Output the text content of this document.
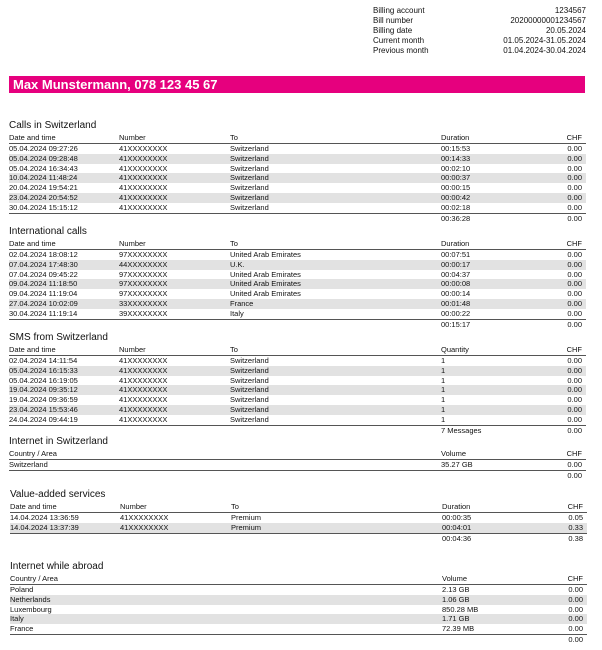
Billing account	1234567
Bill number	20200000001234567
Billing date	20.05.2024
Current month	01.05.2024-31.05.2024
Previous month	01.04.2024-30.04.2024
Max Munstermann, 078 123 45 67
Calls in Switzerland
Date and time	Number	To	Duration	CHF
05.04.2024 09:27:26	41XXXXXXXX	Switzerland	00:15:53	0.00
05.04.2024 09:28:48	41XXXXXXXX	Switzerland	00:14:33	0.00
05.04.2024 16:34:43	41XXXXXXXX	Switzerland	00:02:10	0.00
10.04.2024 11:48:24	41XXXXXXXX	Switzerland	00:00:37	0.00
20.04.2024 19:54:21	41XXXXXXXX	Switzerland	00:00:15	0.00
23.04.2024 20:54:52	41XXXXXXXX	Switzerland	00:00:42	0.00
30.04.2024 15:15:12	41XXXXXXXX	Switzerland	00:02:18	0.00
00:36:28	0.00
International calls
Date and time	Number	To	Duration	CHF
02.04.2024 18:08:12	97XXXXXXXX	United Arab Emirates	00:07:51	0.00
07.04.2024 17:48:30	44XXXXXXXX	U.K.	00:00:17	0.00
07.04.2024 09:45:22	97XXXXXXXX	United Arab Emirates	00:04:37	0.00
09.04.2024 11:18:50	97XXXXXXXX	United Arab Emirates	00:00:08	0.00
09.04.2024 11:19:04	97XXXXXXXX	United Arab Emirates	00:00:14	0.00
27.04.2024 10:02:09	33XXXXXXXX	France	00:01:48	0.00
30.04.2024 11:19:14	39XXXXXXXX	Italy	00:00:22	0.00
00:15:17	0.00
SMS from Switzerland
Date and time	Number	To	Quantity	CHF
02.04.2024 14:11:54	41XXXXXXXX	Switzerland	1	0.00
05.04.2024 16:15:33	41XXXXXXXX	Switzerland	1	0.00
05.04.2024 16:19:05	41XXXXXXXX	Switzerland	1	0.00
19.04.2024 09:35:12	41XXXXXXXX	Switzerland	1	0.00
19.04.2024 09:36:59	41XXXXXXXX	Switzerland	1	0.00
23.04.2024 15:53:46	41XXXXXXXX	Switzerland	1	0.00
24.04.2024 09:44:19	41XXXXXXXX	Switzerland	1	0.00
7 Messages	0.00
Internet in Switzerland
Country / Area	Volume	CHF
Switzerland	35.27 GB	0.00
0.00
Value-added services
Date and time	Number	To	Duration	CHF
14.04.2024 13:36:59	41XXXXXXXX	Premium	00:00:35	0.05
14.04.2024 13:37:39	41XXXXXXXX	Premium	00:04:01	0.33
00:04:36	0.38
Internet while abroad
Country / Area	Volume	CHF
Poland	2.13 GB	0.00
Netherlands	1.06 GB	0.00
Luxembourg	850.28 MB	0.00
Italy	1.71 GB	0.00
France	72.39 MB	0.00
0.00
